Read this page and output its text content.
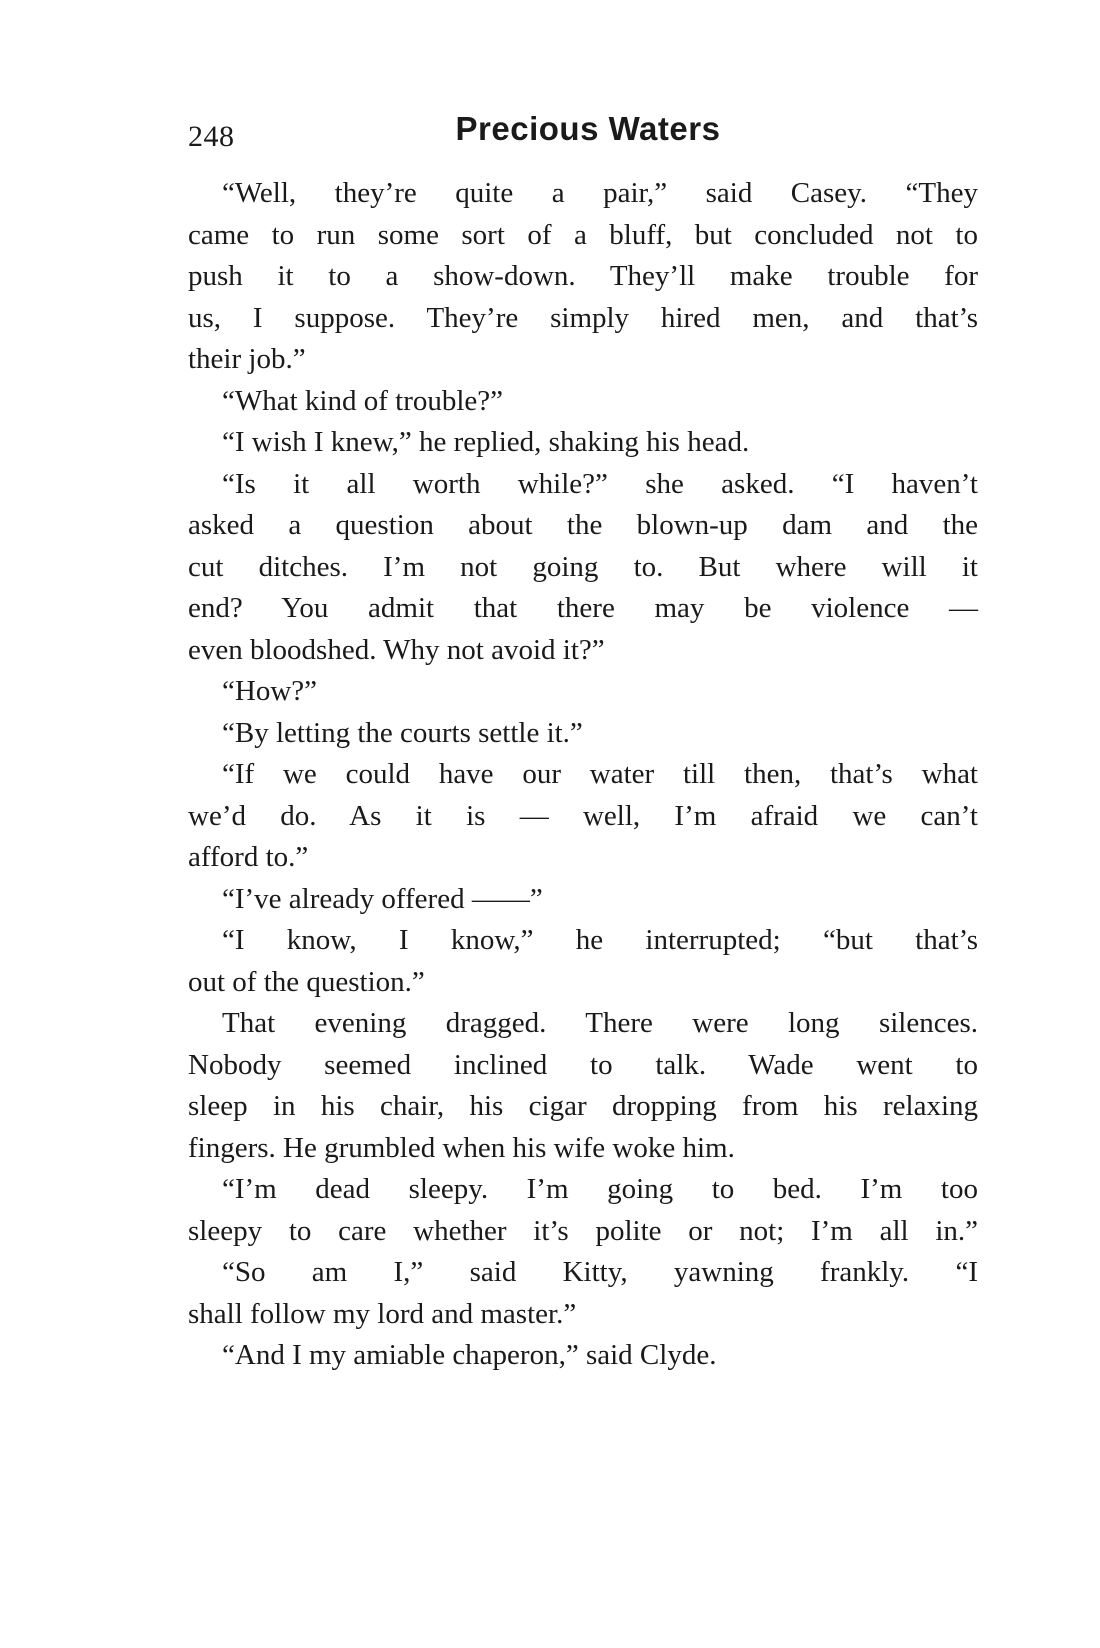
248	Precious Waters
“Well, they’re quite a pair,” said Casey. “They
came to run some sort of a bluff, but concluded not to
push it to a show-down. They’ll make trouble for
us, I suppose. They’re simply hired men, and that’s
their job.”
“What kind of trouble?”
“I wish I knew,” he replied, shaking his head.
“Is it all worth while?” she asked. “I haven’t
asked a question about the blown-up dam and the
cut ditches. I’m not going to. But where will it
end? You admit that there may be violence —
even bloodshed. Why not avoid it?”
“How?”
“By letting the courts settle it.”
“If we could have our water till then, that’s what
we’d do. As it is — well, I’m afraid we can’t
afford to.”
“I’ve already offered ——”
“I know, I know,” he interrupted; “but that’s
out of the question.”
That evening dragged. There were long silences.
Nobody seemed inclined to talk. Wade went to
sleep in his chair, his cigar dropping from his relaxing
fingers. He grumbled when his wife woke him.
“I’m dead sleepy. I’m going to bed. I’m too
sleepy to care whether it’s polite or not; I’m all in.”
“So am I,” said Kitty, yawning frankly. “I
shall follow my lord and master.”
“And I my amiable chaperon,” said Clyde.
